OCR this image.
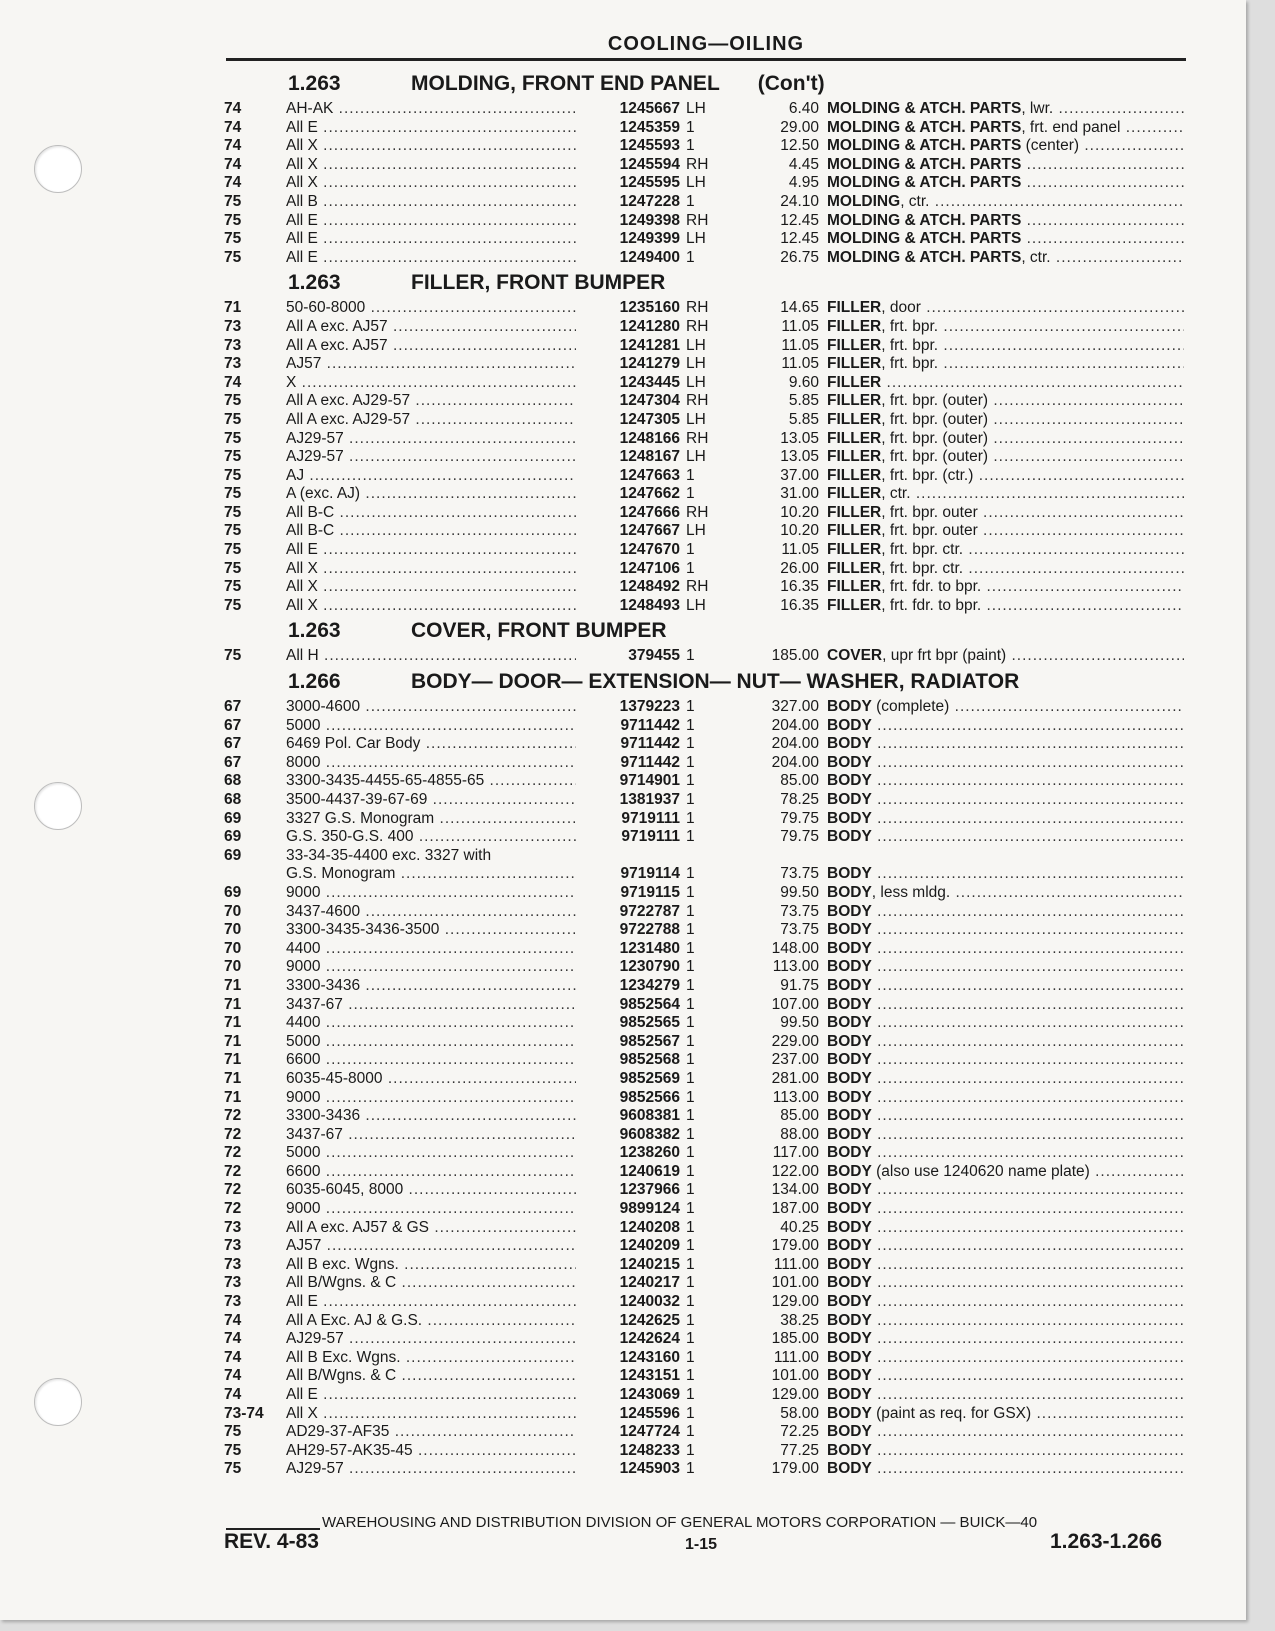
COOLING—OILING
1.263	MOLDING, FRONT END PANEL (Con't)
74	AH-AK .....	1245667 LH	6.40 MOLDING & ATCH. PARTS, lwr. .....
74	All E .....	1245359 1	29.00 MOLDING & ATCH. PARTS, frt. end panel .....
74	All X .....	1245593 1	12.50 MOLDING & ATCH. PARTS (center) .....
74	All X .....	1245594 RH	4.45 MOLDING & ATCH. PARTS .....
74	All X .....	1245595 LH	4.95 MOLDING & ATCH. PARTS .....
75	All B .....	1247228 1	24.10 MOLDING, ctr. .....
75	All E .....	1249398 RH	12.45 MOLDING & ATCH. PARTS .....
75	All E .....	1249399 LH	12.45 MOLDING & ATCH. PARTS .....
75	All E .....	1249400 1	26.75 MOLDING & ATCH. PARTS, ctr. .....
1.263	FILLER, FRONT BUMPER
71	50-60-8000 .....	1235160 RH	14.65 FILLER, door .....
73	All A exc. AJ57 .....	1241280 RH	11.05 FILLER, frt. bpr. .....
73	All A exc. AJ57 .....	1241281 LH	11.05 FILLER, frt. bpr. .....
73	AJ57 .....	1241279 LH	11.05 FILLER, frt. bpr. .....
74	X .....	1243445 LH	9.60 FILLER .....
75	All A exc. AJ29-57 .....	1247304 RH	5.85 FILLER, frt. bpr. (outer) .....
75	All A exc. AJ29-57 .....	1247305 LH	5.85 FILLER, frt. bpr. (outer) .....
75	AJ29-57 .....	1248166 RH	13.05 FILLER, frt. bpr. (outer) .....
75	AJ29-57 .....	1248167 LH	13.05 FILLER, frt. bpr. (outer) .....
75	AJ .....	1247663 1	37.00 FILLER, frt. bpr. (ctr.) .....
75	A (exc. AJ) .....	1247662 1	31.00 FILLER, ctr. .....
75	All B-C .....	1247666 RH	10.20 FILLER, frt. bpr. outer .....
75	All B-C .....	1247667 LH	10.20 FILLER, frt. bpr. outer .....
75	All E .....	1247670 1	11.05 FILLER, frt. bpr. ctr. .....
75	All X .....	1247106 1	26.00 FILLER, frt. bpr. ctr. .....
75	All X .....	1248492 RH	16.35 FILLER, frt. fdr. to bpr. .....
75	All X .....	1248493 LH	16.35 FILLER, frt. fdr. to bpr. .....
1.263	COVER, FRONT BUMPER
75	All H .....	379455 1	185.00 COVER, upr frt bpr (paint) .....
1.266	BODY— DOOR— EXTENSION— NUT— WASHER, RADIATOR
67	3000-4600 .....	1379223 1	327.00 BODY (complete) .....
67	5000 .....	9711442 1	204.00 BODY .....
67	6469 Pol. Car Body .....	9711442 1	204.00 BODY .....
67	8000 .....	9711442 1	204.00 BODY .....
68	3300-3435-4455-65-4855-65 .....	9714901 1	85.00 BODY .....
68	3500-4437-39-67-69 .....	1381937 1	78.25 BODY .....
69	3327 G.S. Monogram .....	9719111 1	79.75 BODY .....
69	G.S. 350-G.S. 400 .....	9719111 1	79.75 BODY .....
69	33-34-35-4400 exc. 3327 with
G.S. Monogram .....	9719114 1	73.75 BODY .....
69	9000 .....	9719115 1	99.50 BODY, less mldg. .....
70	3437-4600 .....	9722787 1	73.75 BODY .....
70	3300-3435-3436-3500 .....	9722788 1	73.75 BODY .....
70	4400 .....	1231480 1	148.00 BODY .....
70	9000 .....	1230790 1	113.00 BODY .....
71	3300-3436 .....	1234279 1	91.75 BODY .....
71	3437-67 .....	9852564 1	107.00 BODY .....
71	4400 .....	9852565 1	99.50 BODY .....
71	5000 .....	9852567 1	229.00 BODY .....
71	6600 .....	9852568 1	237.00 BODY .....
71	6035-45-8000 .....	9852569 1	281.00 BODY .....
71	9000 .....	9852566 1	113.00 BODY .....
72	3300-3436 .....	9608381 1	85.00 BODY .....
72	3437-67 .....	9608382 1	88.00 BODY .....
72	5000 .....	1238260 1	117.00 BODY .....
72	6600 .....	1240619 1	122.00 BODY (also use 1240620 name plate) .....
72	6035-6045, 8000 .....	1237966 1	134.00 BODY .....
72	9000 .....	9899124 1	187.00 BODY .....
73	All A exc. AJ57 & GS .....	1240208 1	40.25 BODY .....
73	AJ57 .....	1240209 1	179.00 BODY .....
73	All B exc. Wgns. .....	1240215 1	111.00 BODY .....
73	All B/Wgns. & C .....	1240217 1	101.00 BODY .....
73	All E .....	1240032 1	129.00 BODY .....
74	All A Exc. AJ & G.S. .....	1242625 1	38.25 BODY .....
74	AJ29-57 .....	1242624 1	185.00 BODY .....
74	All B Exc. Wgns. .....	1243160 1	111.00 BODY .....
74	All B/Wgns. & C .....	1243151 1	101.00 BODY .....
74	All E .....	1243069 1	129.00 BODY .....
73-74	All X .....	1245596 1	58.00 BODY (paint as req. for GSX) .....
75	AD29-37-AF35 .....	1247724 1	72.25 BODY .....
75	AH29-57-AK35-45 .....	1248233 1	77.25 BODY .....
75	AJ29-57 .....	1245903 1	179.00 BODY .....
WAREHOUSING AND DISTRIBUTION DIVISION OF GENERAL MOTORS CORPORATION — BUICK—40
REV. 4-83	1-15	1.263-1.266
